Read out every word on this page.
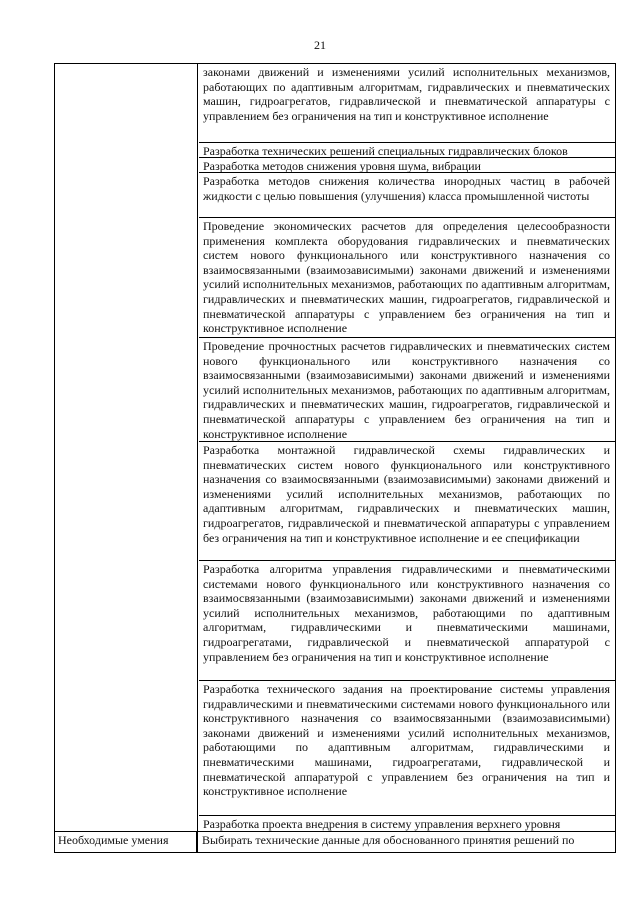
21
законами движений и изменениями усилий исполнительных механизмов, работающих по адаптивным алгоритмам, гидравлических и пневматических машин, гидроагрегатов, гидравлической и пневматической аппаратуры с управлением без ограничения на тип и конструктивное исполнение
Разработка технических решений специальных гидравлических блоков
Разработка методов снижения уровня шума, вибрации
Разработка методов снижения количества инородных частиц в рабочей жидкости с целью повышения (улучшения) класса промышленной чистоты
Проведение экономических расчетов для определения целесообразности применения комплекта оборудования гидравлических и пневматических систем нового функционального или конструктивного назначения со взаимосвязанными (взаимозависимыми) законами движений и изменениями усилий исполнительных механизмов, работающих по адаптивным алгоритмам, гидравлических и пневматических машин, гидроагрегатов, гидравлической и пневматической аппаратуры с управлением без ограничения на тип и конструктивное исполнение
Проведение прочностных расчетов гидравлических и пневматических систем нового функционального или конструктивного назначения со взаимосвязанными (взаимозависимыми) законами движений и изменениями усилий исполнительных механизмов, работающих по адаптивным алгоритмам, гидравлических и пневматических машин, гидроагрегатов, гидравлической и пневматической аппаратуры с управлением без ограничения на тип и конструктивное исполнение
Разработка монтажной гидравлической схемы гидравлических и пневматических систем нового функционального или конструктивного назначения со взаимосвязанными (взаимозависимыми) законами движений и изменениями усилий исполнительных механизмов, работающих по адаптивным алгоритмам, гидравлических и пневматических машин, гидроагрегатов, гидравлической и пневматической аппаратуры с управлением без ограничения на тип и конструктивное исполнение и ее спецификации
Разработка алгоритма управления гидравлическими и пневматическими системами нового функционального или конструктивного назначения со взаимосвязанными (взаимозависимыми) законами движений и изменениями усилий исполнительных механизмов, работающими по адаптивным алгоритмам, гидравлическими и пневматическими машинами, гидроагрегатами, гидравлической и пневматической аппаратурой с управлением без ограничения на тип и конструктивное исполнение
Разработка технического задания на проектирование системы управления гидравлическими и пневматическими системами нового функционального или конструктивного назначения со взаимосвязанными (взаимозависимыми) законами движений и изменениями усилий исполнительных механизмов, работающими по адаптивным алгоритмам, гидравлическими и пневматическими машинами, гидроагрегатами, гидравлической и пневматической аппаратурой с управлением без ограничения на тип и конструктивное исполнение
Разработка проекта внедрения в систему управления верхнего уровня
Необходимые умения	Выбирать технические данные для обоснованного принятия решений по
